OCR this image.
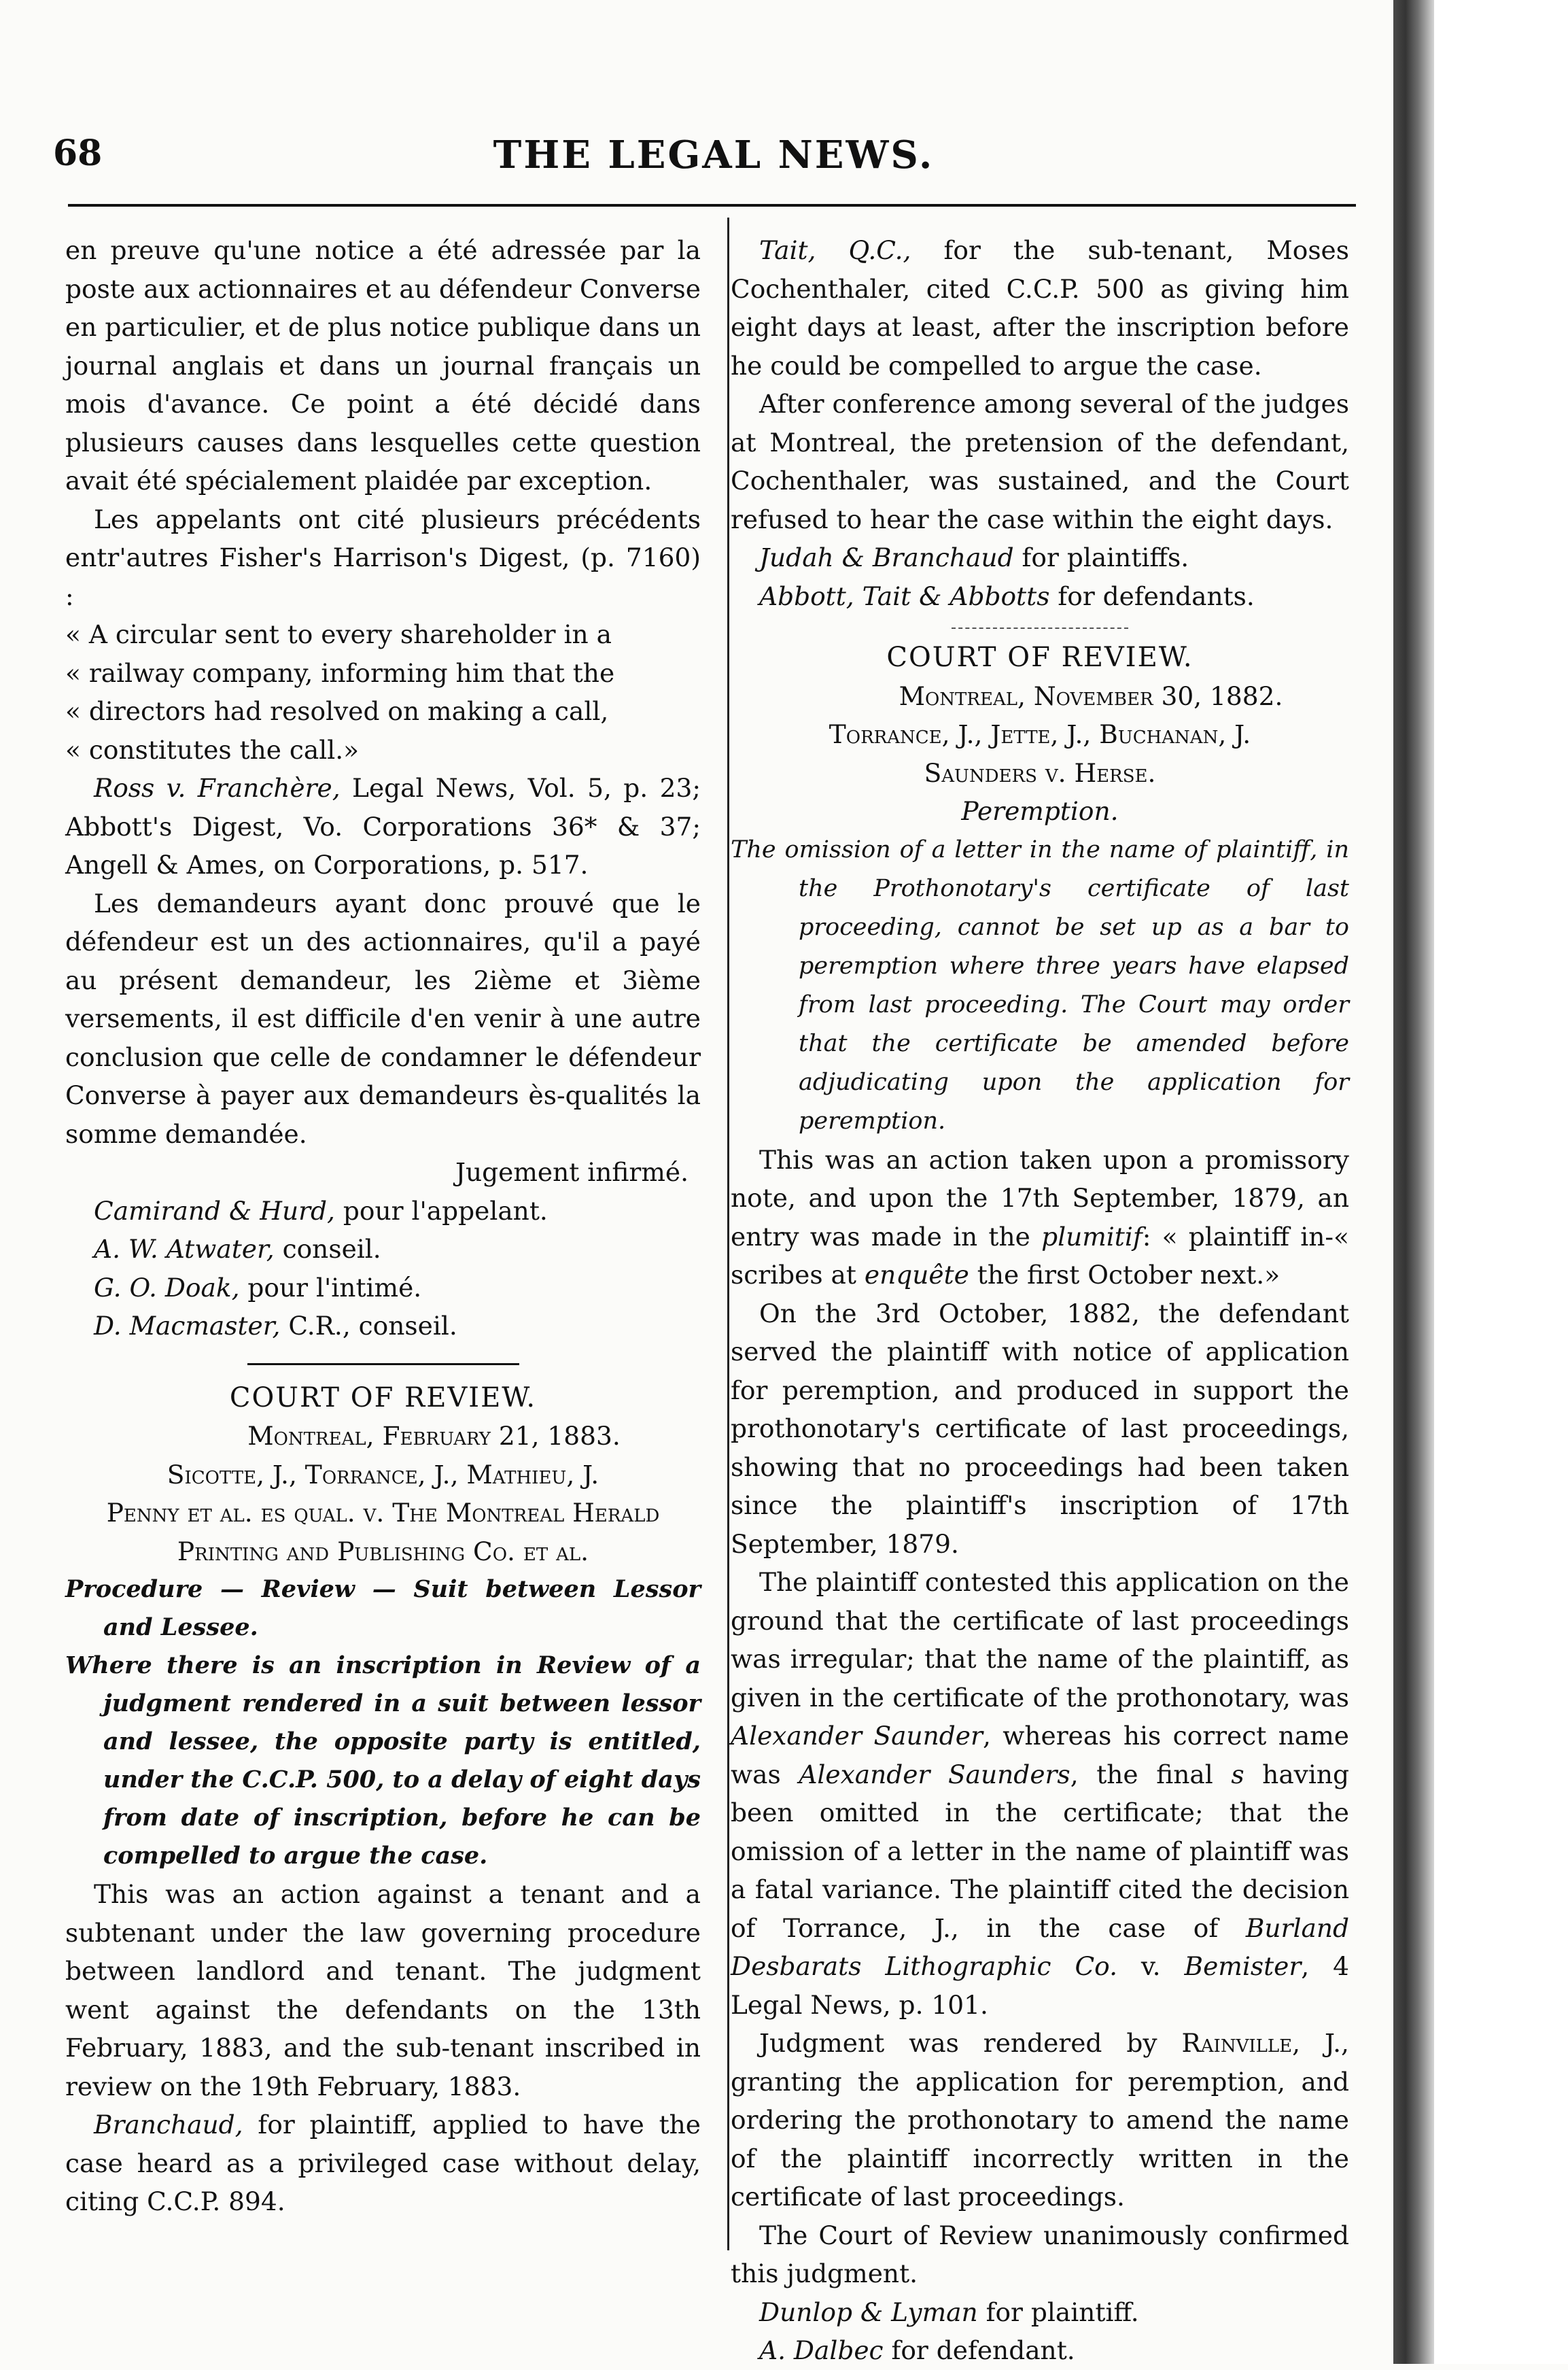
68	THE LEGAL NEWS.

en preuve qu'une notice a été adressée par la poste aux actionnaires et au défendeur Converse en particulier, et de plus notice publique dans un journal anglais et dans un journal français un mois d'avance. Ce point a été décidé dans plusieurs causes dans lesquelles cette question avait été spécialement plaidée par exception.

Les appelants ont cité plusieurs précédents entr'autres Fisher's Harrison's Digest, (p. 7160) :

« A circular sent to every shareholder in a

« railway company, informing him that the

« directors had resolved on making a call,

« constitutes the call.»

Ross v. Franchère, Legal News, Vol. 5, p. 23; Abbott's Digest, Vo. Corporations 36* & 37; Angell & Ames, on Corporations, p. 517.

Les demandeurs ayant donc prouvé que le défendeur est un des actionnaires, qu'il a payé au présent demandeur, les 2ième et 3ième versements, il est difficile d'en venir à une autre conclusion que celle de condamner le défendeur Converse à payer aux demandeurs ès-qualités la somme demandée.

Jugement infirmé.

Camirand & Hurd, pour l'appelant.

A. W. Atwater, conseil.

G. O. Doak, pour l'intimé.

D. Macmaster, C.R., conseil.

COURT OF REVIEW.

Montreal, February 21, 1883.

Sicotte, J., Torrance, J., Mathieu, J.

Penny et al. es qual. v. The Montreal Herald Printing and Publishing Co. et al.

Procedure — Review — Suit between Lessor and Lessee.

Where there is an inscription in Review of a judgment rendered in a suit between lessor and lessee, the opposite party is entitled, under the C.C.P. 500, to a delay of eight days from date of inscription, before he can be compelled to argue the case.

This was an action against a tenant and a subtenant under the law governing procedure between landlord and tenant. The judgment went against the defendants on the 13th February, 1883, and the sub-tenant inscribed in review on the 19th February, 1883.

Branchaud, for plaintiff, applied to have the case heard as a privileged case without delay, citing C.C.P. 894.

Tait, Q.C., for the sub-tenant, Moses Cochenthaler, cited C.C.P. 500 as giving him eight days at least, after the inscription before he could be compelled to argue the case.

After conference among several of the judges at Montreal, the pretension of the defendant, Cochenthaler, was sustained, and the Court refused to hear the case within the eight days.

Judah & Branchaud for plaintiffs.

Abbott, Tait & Abbotts for defendants.

COURT OF REVIEW.

Montreal, November 30, 1882.

Torrance, J., Jette, J., Buchanan, J.

Saunders v. Herse.

Peremption.

The omission of a letter in the name of plaintiff, in the Prothonotary's certificate of last proceeding, cannot be set up as a bar to peremption where three years have elapsed from last proceeding. The Court may order that the certificate be amended before adjudicating upon the application for peremption.

This was an action taken upon a promissory note, and upon the 17th September, 1879, an entry was made in the plumitif: « plaintiff in-« scribes at enquête the first October next.»

On the 3rd October, 1882, the defendant served the plaintiff with notice of application for peremption, and produced in support the prothonotary's certificate of last proceedings, showing that no proceedings had been taken since the plaintiff's inscription of 17th September, 1879.

The plaintiff contested this application on the ground that the certificate of last proceedings was irregular; that the name of the plaintiff, as given in the certificate of the prothonotary, was Alexander Saunder, whereas his correct name was Alexander Saunders, the final s having been omitted in the certificate; that the omission of a letter in the name of plaintiff was a fatal variance. The plaintiff cited the decision of Torrance, J., in the case of Burland Desbarats Lithographic Co. v. Bemister, 4 Legal News, p. 101.

Judgment was rendered by Rainville, J., granting the application for peremption, and ordering the prothonotary to amend the name of the plaintiff incorrectly written in the certificate of last proceedings.

The Court of Review unanimously confirmed this judgment.

Dunlop & Lyman for plaintiff.

A. Dalbec for defendant.
